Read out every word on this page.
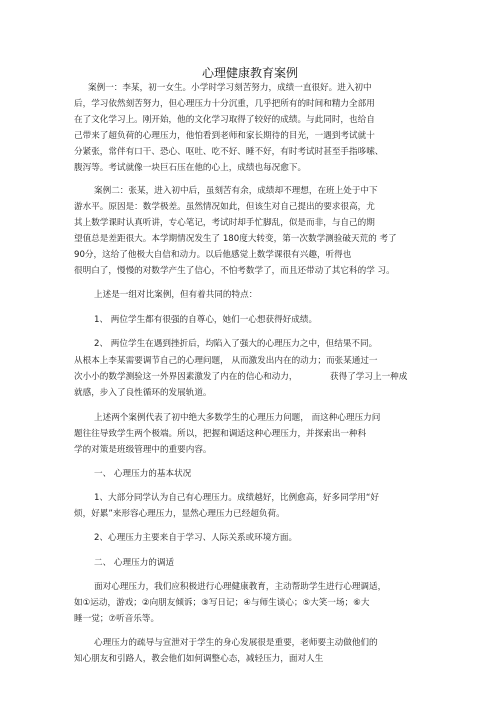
心理健康教育案例
案例一：李某，初一女生。小学时学习刻苦努力，成绩一直很好。进入初中
后，学习依然刻苦努力，但心理压力十分沉重，几乎把所有的时间和精力全部用
在了文化学习上。刚开始，他的文化学习取得了较好的成绩。与此同时，也给自
己带来了超负荷的心理压力，他怕看到老师和家长期待的目光，一遇到考试就十
分紧张，常伴有口干、恐心、呕吐、吃不好、睡不好，有时考试时甚至手指哆嗦、
腹泻等。考试就像一块巨石压在他的心上，成绩也每况愈下。
案例二：张某，进入初中后，虽刻苦有余，成绩却不理想，在班上处于中下
游水平。原因是：数学极差。虽然情况如此，但该生对自己提出的要求很高，尤
其上数学课时认真听讲，专心笔记，考试时却手忙脚乱，似是而非，与自己的期
望值总是差距很大。本学期情况发生了 180度大转变，第一次数学测验破天荒的 考了
90分，这给了他极大自信和动力。以后他感觉上数学课很有兴趣，听得也
很明白了，慢慢的对数学产生了信心，不怕考数学了，而且还带动了其它科的学 习。
上述是一组对比案例，但有着共同的特点：
1、 两位学生都有很强的自尊心，她们一心想获得好成绩。
2、 两位学生在遇到挫折后，均陷入了强大的心理压力之中，但结果不同。
从根本上李某需要调节自己的心理问题， 从而激发出内在的动力；而张某通过一
次小小的数学测验这一外界因素激发了内在的信心和动力，	获得了学习上一种成
就感，步入了良性循环的发展轨道。
上述两个案例代表了初中绝大多数学生的心理压力问题， 而这种心理压力问
题往往导致学生两个极端。所以，把握和调适这种心理压力，并探索出一种科
学的对策是班级管理中的重要内容。
一、 心理压力的基本状况
1、大部分同学认为自己有心理压力。成绩越好，比例愈高，好多同学用“好
烦，好累”来形容心理压力，显然心理压力已经超负荷。
2、心理压力主要来自于学习、人际关系或环境方面。
二、 心理压力的调适
面对心理压力，我们应积极进行心理健康教育，主动帮助学生进行心理调适，
如①运动，游戏；②向朋友倾诉；③写日记；④与师生谈心；⑤大笑一场；⑥大
睡一觉；⑦听音乐等。
心理压力的疏导与宣泄对于学生的身心发展很是重要，老师要主动做他们的
知心朋友和引路人，教会他们如何调整心态，减轻压力，面对人生
